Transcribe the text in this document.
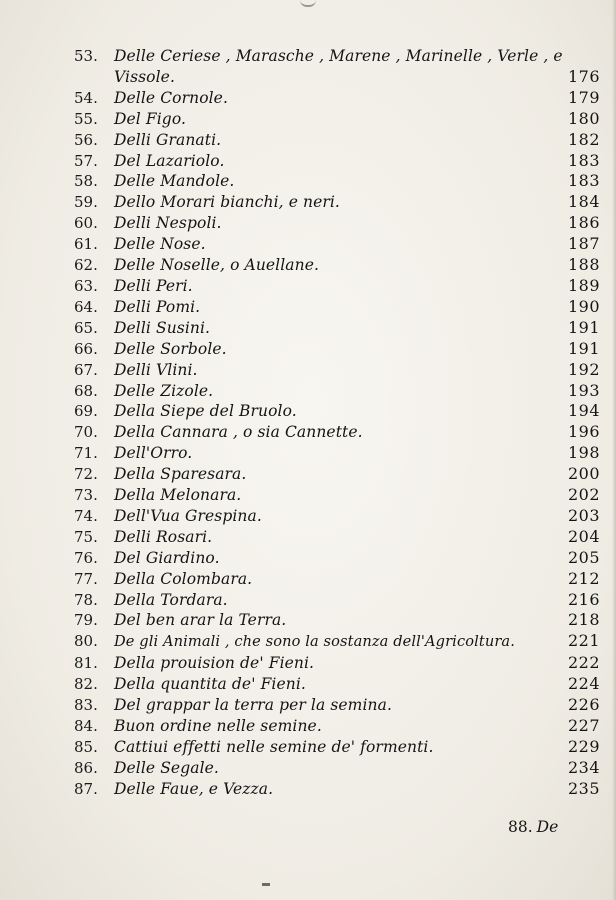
53.	Delle Ceriese , Marasche , Marene , Marinelle , Verle , e
Vissole.	176
54.	Delle Cornole.	179
55.	Del Figo.	180
56.	Delli Granati.	182
57.	Del Lazariolo.	183
58.	Delle Mandole.	183
59.	Dello Morari bianchi, e neri.	184
60.	Delli Nespoli.	186
61.	Delle Nose.	187
62.	Delle Noselle, o Auellane.	188
63.	Delli Peri.	189
64.	Delli Pomi.	190
65.	Delli Susini.	191
66.	Delle Sorbole.	191
67.	Delli Vlini.	192
68.	Delle Zizole.	193
69.	Della Siepe del Bruolo.	194
70.	Della Cannara , o sia Cannette.	196
71.	Dell'Orro.	198
72.	Della Sparesara.	200
73.	Della Melonara.	202
74.	Dell'Vua Grespina.	203
75.	Delli Rosari.	204
76.	Del Giardino.	205
77.	Della Colombara.	212
78.	Della Tordara.	216
79.	Del ben arar la Terra.	218
80.	De gli Animali , che sono la sostanza dell'Agricoltura.	221
81.	Della prouision de' Fieni.	222
82.	Della quantita de' Fieni.	224
83.	Del grappar la terra per la semina.	226
84.	Buon ordine nelle semine.	227
85.	Cattiui effetti nelle semine de' formenti.	229
86.	Delle Segale.	234
87.	Delle Faue, e Vezza.	235
88. De
